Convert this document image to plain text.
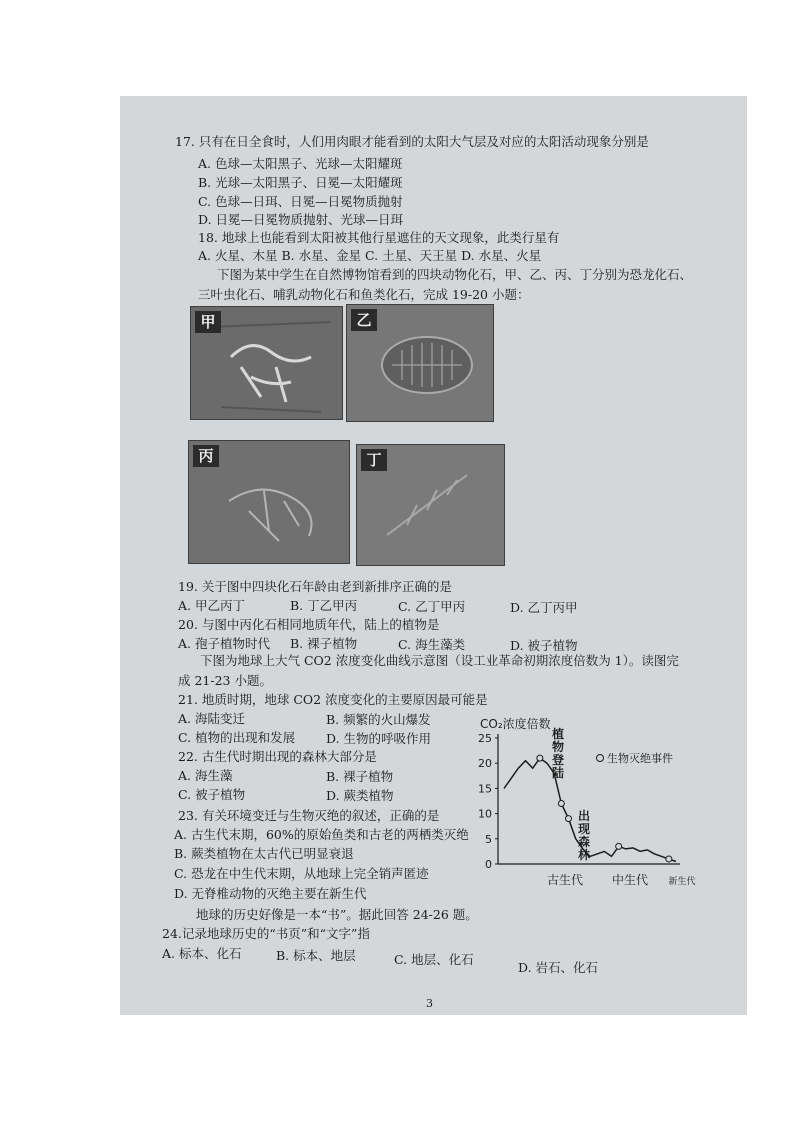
17. 只有在日全食时，人们用肉眼才能看到的太阳大气层及对应的太阳活动现象分别是
A. 色球—太阳黑子、光球—太阳耀斑
B. 光球—太阳黑子、日冕—太阳耀斑
C. 色球—日珥、日冕—日冕物质抛射
D. 日冕—日冕物质抛射、光球—日珥
18. 地球上也能看到太阳被其他行星遮住的天文现象，此类行星有
A. 火星、木星 B. 水星、金星 C. 土星、天王星 D. 水星、火星
下图为某中学生在自然博物馆看到的四块动物化石，甲、乙、丙、丁分别为恐龙化石、
三叶虫化石、哺乳动物化石和鱼类化石，完成 19-20 小题：
甲	乙
丙	丁
19. 关于图中四块化石年龄由老到新排序正确的是
A. 甲乙丙丁	B. 丁乙甲丙	C. 乙丁甲丙	D. 乙丁丙甲
20. 与图中丙化石相同地质年代，陆上的植物是
A. 孢子植物时代 B. 裸子植物	C. 海生藻类	D. 被子植物
下图为地球上大气 CO2 浓度变化曲线示意图（设工业革命初期浓度倍数为 1）。读图完
成 21-23 小题。
21. 地质时期，地球 CO2 浓度变化的主要原因最可能是
A. 海陆变迁	B. 频繁的火山爆发
C. 植物的出现和发展 D. 生物的呼吸作用
22. 古生代时期出现的森林大部分是
A. 海生藻	B. 裸子植物
C. 被子植物	D. 蕨类植物
23. 有关环境变迁与生物灭绝的叙述，正确的是
A. 古生代末期，60%的原始鱼类和古老的两栖类灭绝
B. 蕨类植物在太古代已明显衰退
C. 恐龙在中生代末期，从地球上完全销声匿迹
D. 无脊椎动物的灭绝主要在新生代
地球的历史好像是一本“书”。据此回答 24-26 题。
24.记录地球历史的“书页”和“文字”指
A. 标本、化石	B. 标本、地层	C. 地层、化石
D. 岩石、化石
3
CO₂浓度倍数
0
5
10
15
20
25
古生代 中生代 新生代
植
物
登
陆
出
现
森
林
生物灭绝事件
